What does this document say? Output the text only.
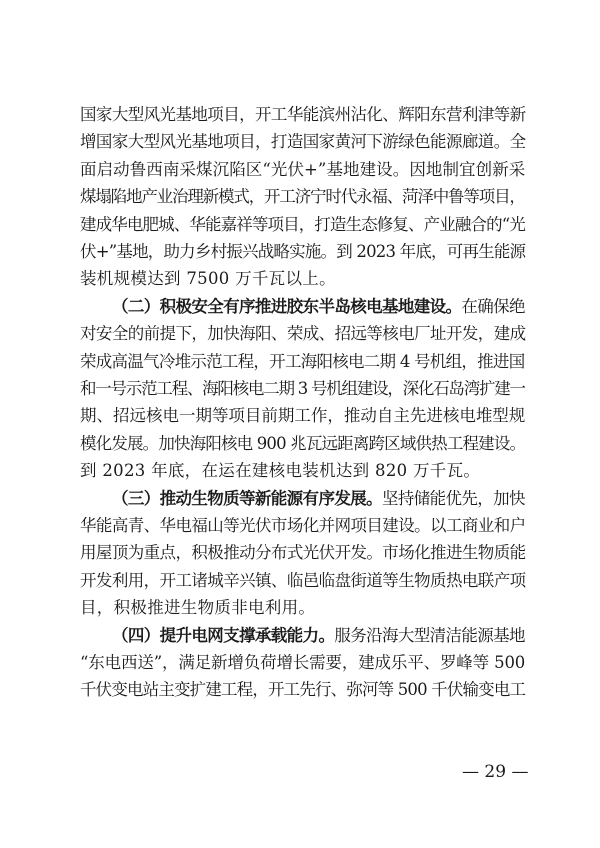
国家大型风光基地项目，开工华能滨州沾化、辉阳东营利津等新
增国家大型风光基地项目，打造国家黄河下游绿色能源廊道。全
面启动鲁西南采煤沉陷区“光伏+”基地建设。因地制宜创新采
煤塌陷地产业治理新模式，开工济宁时代永福、菏泽中鲁等项目，
建成华电肥城、华能嘉祥等项目，打造生态修复、产业融合的“光
伏+”基地，助力乡村振兴战略实施。到 2023 年底，可再生能源
装机规模达到 7500 万千瓦以上。
（二）积极安全有序推进胶东半岛核电基地建设。在确保绝
对安全的前提下，加快海阳、荣成、招远等核电厂址开发，建成
荣成高温气冷堆示范工程，开工海阳核电二期 4 号机组，推进国
和一号示范工程、海阳核电二期 3 号机组建设，深化石岛湾扩建一
期、招远核电一期等项目前期工作，推动自主先进核电堆型规
模化发展。加快海阳核电 900 兆瓦远距离跨区域供热工程建设。
到 2023 年底，在运在建核电装机达到 820 万千瓦。
（三）推动生物质等新能源有序发展。坚持储能优先，加快
华能高青、华电福山等光伏市场化并网项目建设。以工商业和户
用屋顶为重点，积极推动分布式光伏开发。市场化推进生物质能
开发利用，开工诸城辛兴镇、临邑临盘街道等生物质热电联产项
目，积极推进生物质非电利用。
（四）提升电网支撑承载能力。服务沿海大型清洁能源基地
“东电西送”，满足新增负荷增长需要，建成乐平、罗峰等 500
千伏变电站主变扩建工程，开工先行、弥河等 500 千伏输变电工
— 29 —
